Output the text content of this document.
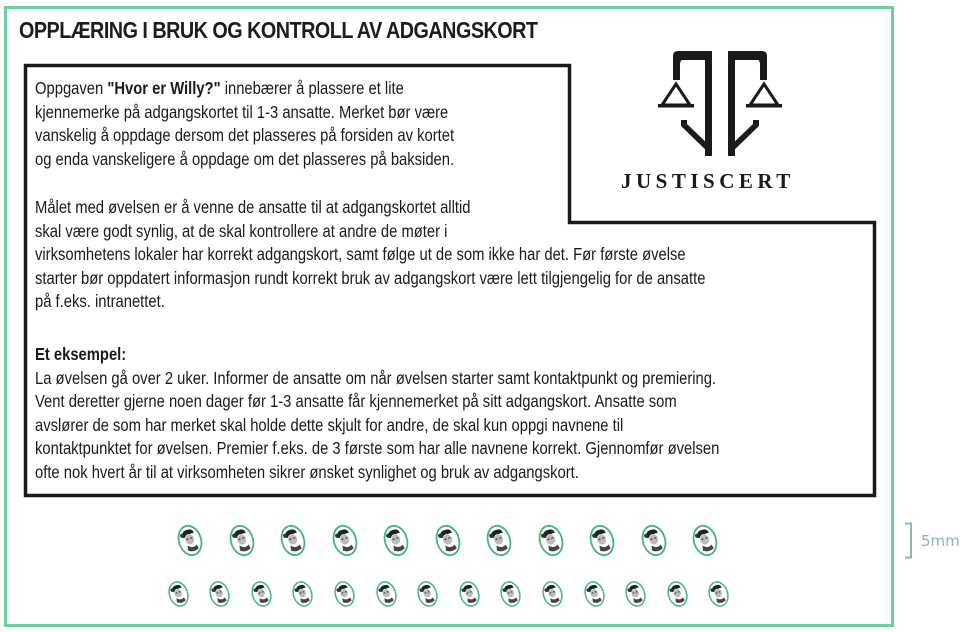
OPPLÆRING I BRUK OG KONTROLL AV ADGANGSKORT
Oppgaven "Hvor er Willy?" innebærer å plassere et lite
kjennemerke på adgangskortet til 1-3 ansatte. Merket bør være
vanskelig å oppdage dersom det plasseres på forsiden av kortet
og enda vanskeligere å oppdage om det plasseres på baksiden.
Målet med øvelsen er å venne de ansatte til at adgangskortet alltid
skal være godt synlig, at de skal kontrollere at andre de møter i
virksomhetens lokaler har korrekt adgangskort, samt følge ut de som ikke har det. Før første øvelse
starter bør oppdatert informasjon rundt korrekt bruk av adgangskort være lett tilgjengelig for de ansatte
på f.eks. intranettet.
Et eksempel:
La øvelsen gå over 2 uker. Informer de ansatte om når øvelsen starter samt kontaktpunkt og premiering.
Vent deretter gjerne noen dager før 1-3 ansatte får kjennemerket på sitt adgangskort. Ansatte som
avslører de som har merket skal holde dette skjult for andre, de skal kun oppgi navnene til
kontaktpunktet for øvelsen. Premier f.eks. de 3 første som har alle navnene korrekt. Gjennomfør øvelsen
ofte nok hvert år til at virksomheten sikrer ønsket synlighet og bruk av adgangskort.
JUSTISCERT
5mm
